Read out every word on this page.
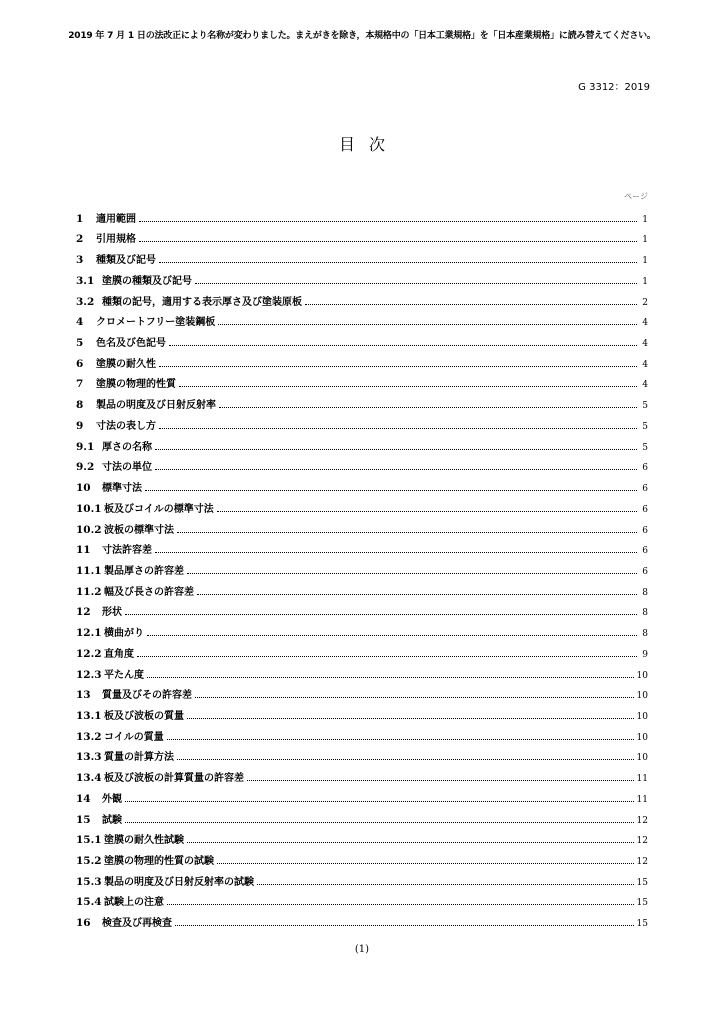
2019 年 7 月 1 日の法改正により名称が変わりました。まえがきを除き，本規格中の「日本工業規格」を「日本産業規格」に読み替えてください。
G 3312：2019
目次
ページ
1	適用範囲	1
2	引用規格	1
3	種類及び記号	1
3.1 塗膜の種類及び記号	1
3.2 種類の記号，適用する表示厚さ及び塗装原板	2
4	クロメートフリー塗装鋼板	4
5	色名及び色記号	4
6	塗膜の耐久性	4
7	塗膜の物理的性質	4
8	製品の明度及び日射反射率	5
9	寸法の表し方	5
9.1 厚さの名称	5
9.2 寸法の単位	6
10	標準寸法	6
10.1 板及びコイルの標準寸法	6
10.2 波板の標準寸法	6
11	寸法許容差	6
11.1 製品厚さの許容差	6
11.2 幅及び長さの許容差	8
12	形状	8
12.1 横曲がり	8
12.2 直角度	9
12.3 平たん度	10
13	質量及びその許容差	10
13.1 板及び波板の質量	10
13.2 コイルの質量	10
13.3 質量の計算方法	10
13.4 板及び波板の計算質量の許容差	11
14	外観	11
15	試験	12
15.1 塗膜の耐久性試験	12
15.2 塗膜の物理的性質の試験	12
15.3 製品の明度及び日射反射率の試験	15
15.4 試験上の注意	15
16	検査及び再検査	15
(1)
